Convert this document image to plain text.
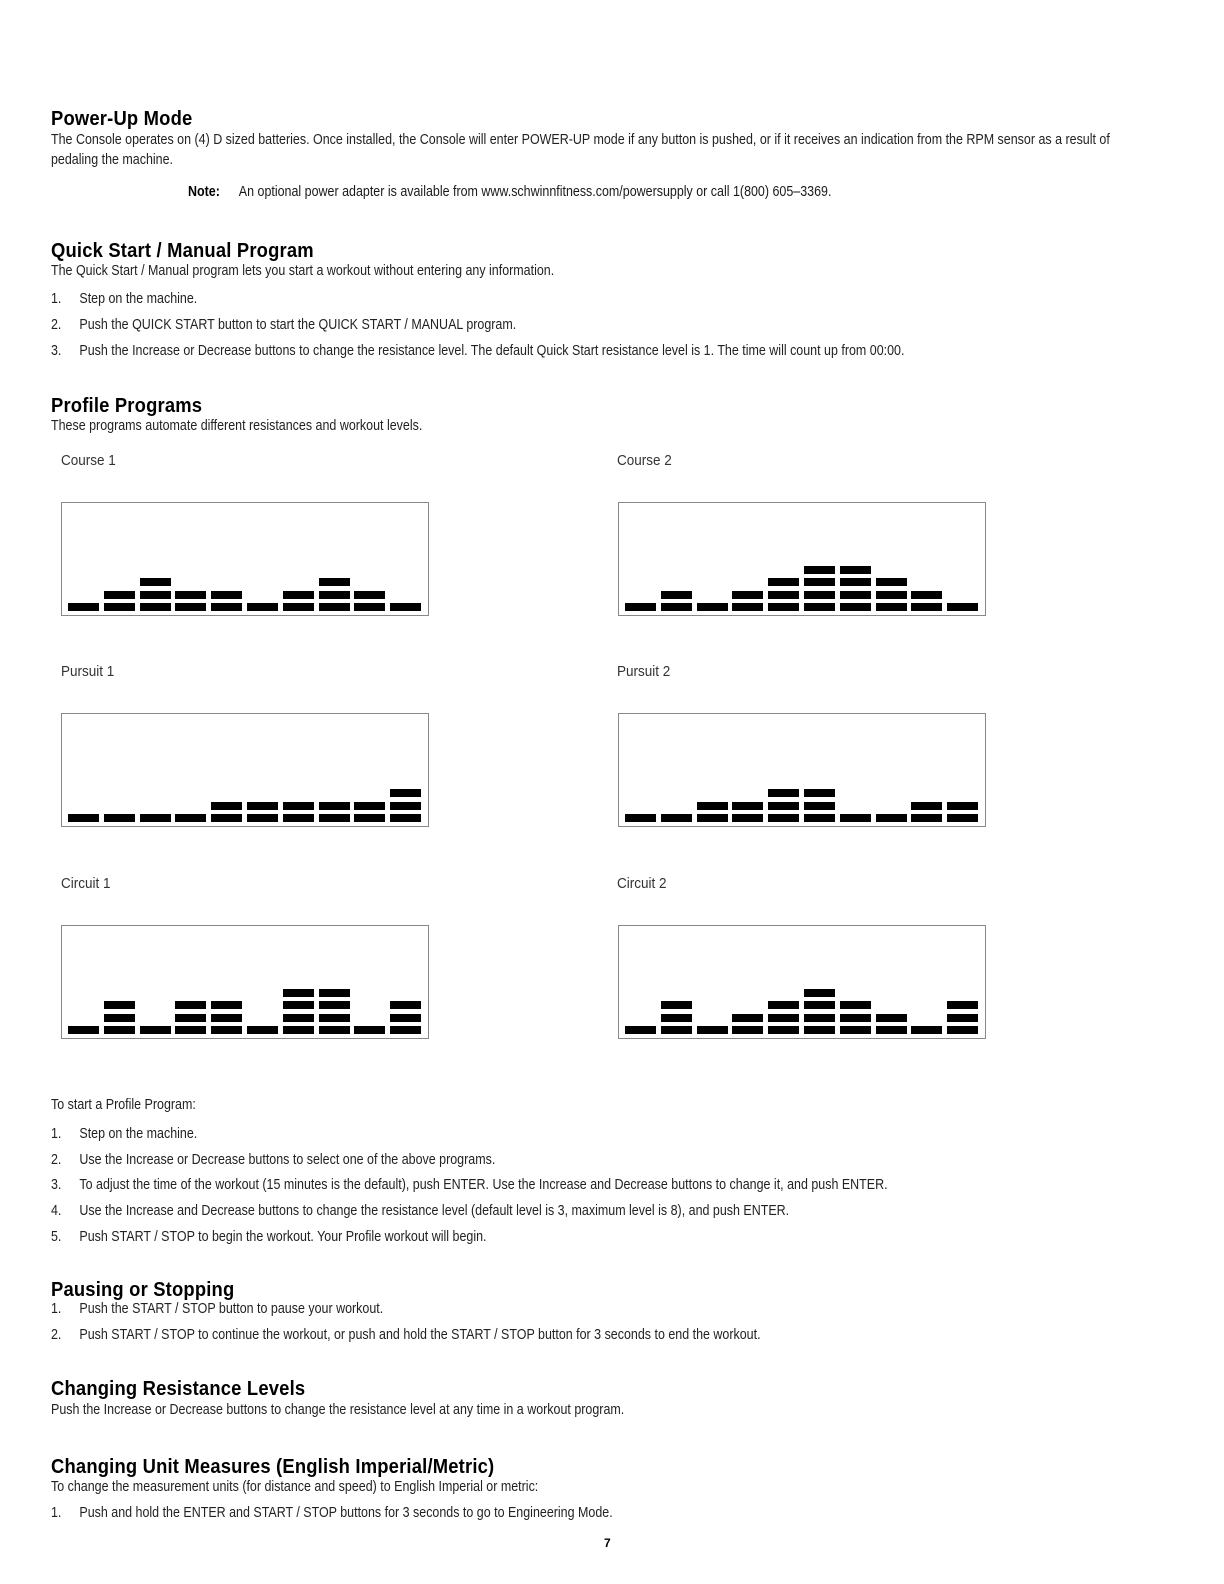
Power-Up Mode

The Console operates on (4) D sized batteries. Once installed, the Console will enter POWER-UP mode if any button is pushed, or if it receives an indication from the RPM sensor as a result of pedaling the machine.

Note: An optional power adapter is available from www.schwinnfitness.com/powersupply or call 1(800) 605–3369.
Quick Start / Manual Program

The Quick Start / Manual program lets you start a workout without entering any information.

1. Step on the machine.
2. Push the QUICK START button to start the QUICK START / MANUAL program.
3. Push the Increase or Decrease buttons to change the resistance level. The default Quick Start resistance level is 1. The time will count up from 00:00.
Profile Programs

These programs automate different resistances and workout levels.

Course 1	Course 2
Pursuit 1	Pursuit 2
Circuit 1	Circuit 2

To start a Profile Program:

1. Step on the machine.
2. Use the Increase or Decrease buttons to select one of the above programs.
3. To adjust the time of the workout (15 minutes is the default), push ENTER. Use the Increase and Decrease buttons to change it, and push ENTER.
4. Use the Increase and Decrease buttons to change the resistance level (default level is 3, maximum level is 8), and push ENTER.
5. Push START / STOP to begin the workout. Your Profile workout will begin.
Pausing or Stopping
1. Push the START / STOP button to pause your workout.
2. Push START / STOP to continue the workout, or push and hold the START / STOP button for 3 seconds to end the workout.
Changing Resistance Levels

Push the Increase or Decrease buttons to change the resistance level at any time in a workout program.

Changing Unit Measures (English Imperial/Metric)

To change the measurement units (for distance and speed) to English Imperial or metric:

1. Push and hold the ENTER and START / STOP buttons for 3 seconds to go to Engineering Mode.
7
